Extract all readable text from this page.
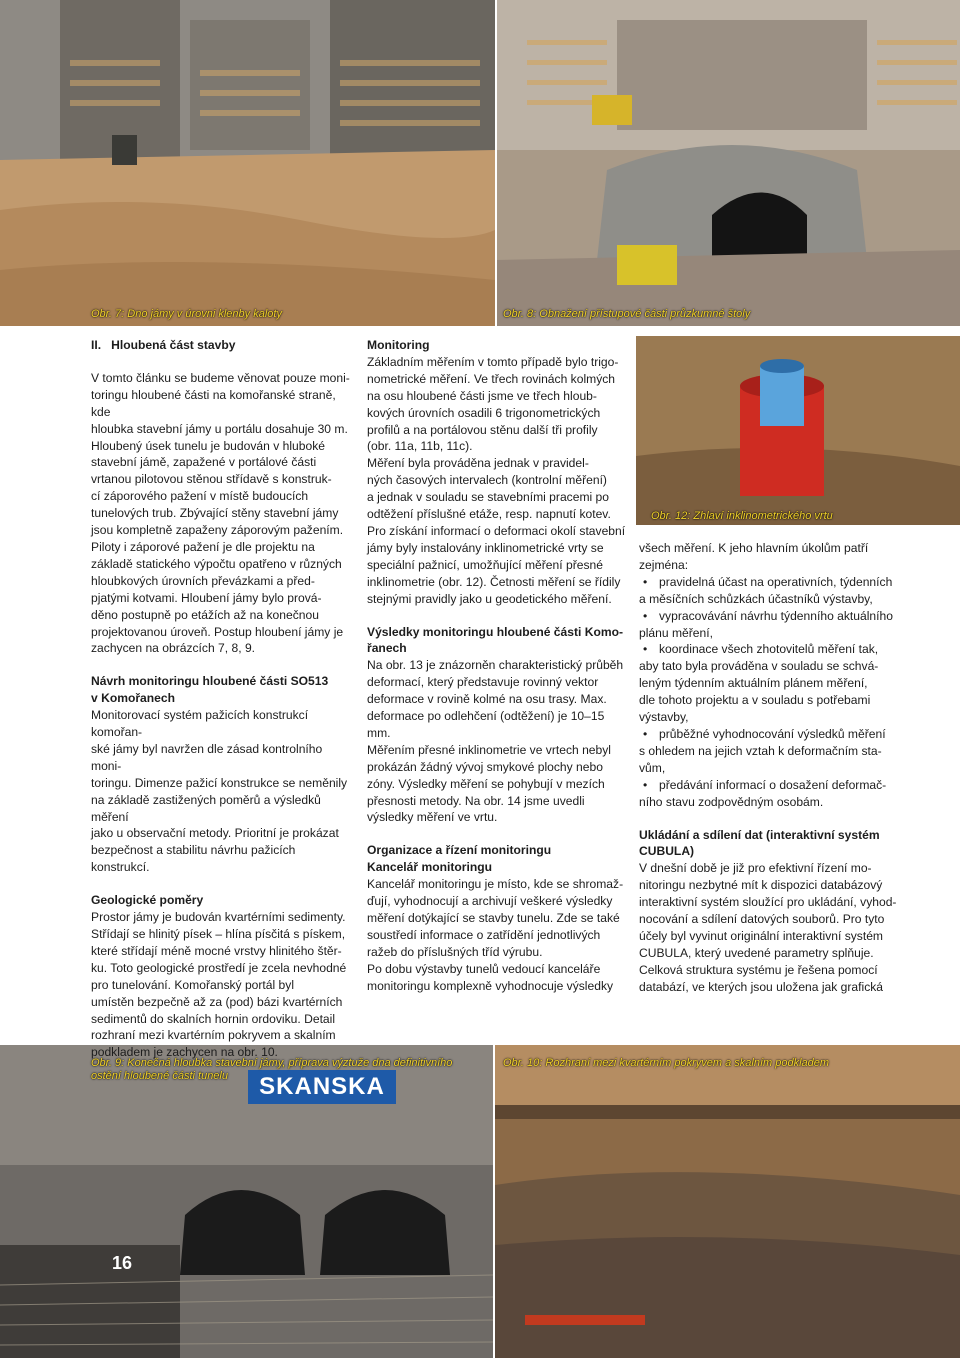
Obr. 7: Dno jámy v úrovni klenby kaloty	Obr. 8: Obnažení přístupové části průzkumné štoly
Obr. 12: Zhlaví inklinometrického vrtu
SKANSKA
Obr. 9: Konečná hloubka stavební jámy, příprava výztuže dna definitivního
ostění hloubené části tunelu
16
Obr. 10: Rozhraní mezi kvartérním pokryvem a skalním podkladem
II.   Hloubená část stavby
V tomto článku se budeme věnovat pouze moni-
toringu hloubené části na komořanské straně, kde
hloubka stavební jámy u portálu dosahuje 30 m.
Hloubený úsek tunelu je budován v hluboké
stavební jámě, zapažené v portálové části
vrtanou pilotovou stěnou střídavě s konstruk-
cí záporového pažení v místě budoucích
tunelových trub. Zbývající stěny stavební jámy
jsou kompletně zapaženy záporovým pažením.
Piloty i záporové pažení je dle projektu na
základě statického výpočtu opatřeno v různých
hloubkových úrovních převázkami a před-
pjatými kotvami. Hloubení jámy bylo prová-
děno postupně po etážích až na konečnou
projektovanou úroveň. Postup hloubení jámy je
zachycen na obrázcích 7, 8, 9.
Návrh monitoringu hloubené části SO513
v Komořanech
Monitorovací systém pažicích konstrukcí komořan-
ské jámy byl navržen dle zásad kontrolního moni-
toringu. Dimenze pažicí konstrukce se neměnily
na základě zastižených poměrů a výsledků měření
jako u observační metody. Prioritní je prokázat
bezpečnost a stabilitu návrhu pažicích konstrukcí.
Geologické poměry
Prostor jámy je budován kvartérními sedimenty.
Střídají se hlinitý písek – hlína písčitá s pískem,
které střídají méně mocné vrstvy hlinitého štěr-
ku. Toto geologické prostředí je zcela nevhodné
pro tunelování. Komořanský portál byl
umístěn bezpečně až za (pod) bázi kvartérních
sedimentů do skalních hornin ordoviku. Detail
rozhraní mezi kvartérním pokryvem a skalním
podkladem je zachycen na obr. 10.
Monitoring
Základním měřením v tomto případě bylo trigo-
nometrické měření. Ve třech rovinách kolmých
na osu hloubené části jsme ve třech hloub-
kových úrovních osadili 6 trigonometrických
profilů a na portálovou stěnu další tři profily
(obr. 11a, 11b, 11c).
Měření byla prováděna jednak v pravidel-
ných časových intervalech (kontrolní měření)
a jednak v souladu se stavebními pracemi po
odtěžení příslušné etáže, resp. napnutí kotev.
Pro získání informací o deformaci okolí stavební
jámy byly instalovány inklinometrické vrty se
speciální pažnicí, umožňující měření přesné
inklinometrie (obr. 12). Četnosti měření se řídily
stejnými pravidly jako u geodetického měření.
Výsledky monitoringu hloubené části Komo-
řanech
Na obr. 13 je znázorněn charakteristický průběh
deformací, který představuje rovinný vektor
deformace v rovině kolmé na osu trasy. Max.
deformace po odlehčení (odtěžení) je 10–15 mm.
Měřením přesné inklinometrie ve vrtech nebyl
prokázán žádný vývoj smykové plochy nebo
zóny. Výsledky měření se pohybují v mezích
přesnosti metody. Na obr. 14 jsme uvedli
výsledky měření ve vrtu.
Organizace a řízení monitoringu
Kancelář monitoringu
Kancelář monitoringu je místo, kde se shromaž-
ďují, vyhodnocují a archivují veškeré výsledky
měření dotýkající se stavby tunelu. Zde se také
soustředí informace o zatřídění jednotlivých
ražeb do příslušných tříd výrubu.
Po dobu výstavby tunelů vedoucí kanceláře
monitoringu komplexně vyhodnocuje výsledky
všech měření. K jeho hlavním úkolům patří
zejména:
• pravidelná účast na operativních, týdenních
a měsíčních schůzkách účastníků výstavby,
• vypracovávání návrhu týdenního aktuálního
plánu měření,
• koordinace všech zhotovitelů měření tak,
aby tato byla prováděna v souladu se schvá-
leným týdenním aktuálním plánem měření,
dle tohoto projektu a v souladu s potřebami
výstavby,
• průběžné vyhodnocování výsledků měření
s ohledem na jejich vztah k deformačním sta-
vům,
• předávání informací o dosažení deformač-
ního stavu zodpovědným osobám.
Ukládání a sdílení dat (interaktivní systém
CUBULA)
V dnešní době je již pro efektivní řízení mo-
nitoringu nezbytné mít k dispozici databázový
interaktivní systém sloužící pro ukládání, vyhod-
nocování a sdílení datových souborů. Pro tyto
účely byl vyvinut originální interaktivní systém
CUBULA, který uvedené parametry splňuje.
Celková struktura systému je řešena pomocí
databází, ve kterých jsou uložena jak grafická
